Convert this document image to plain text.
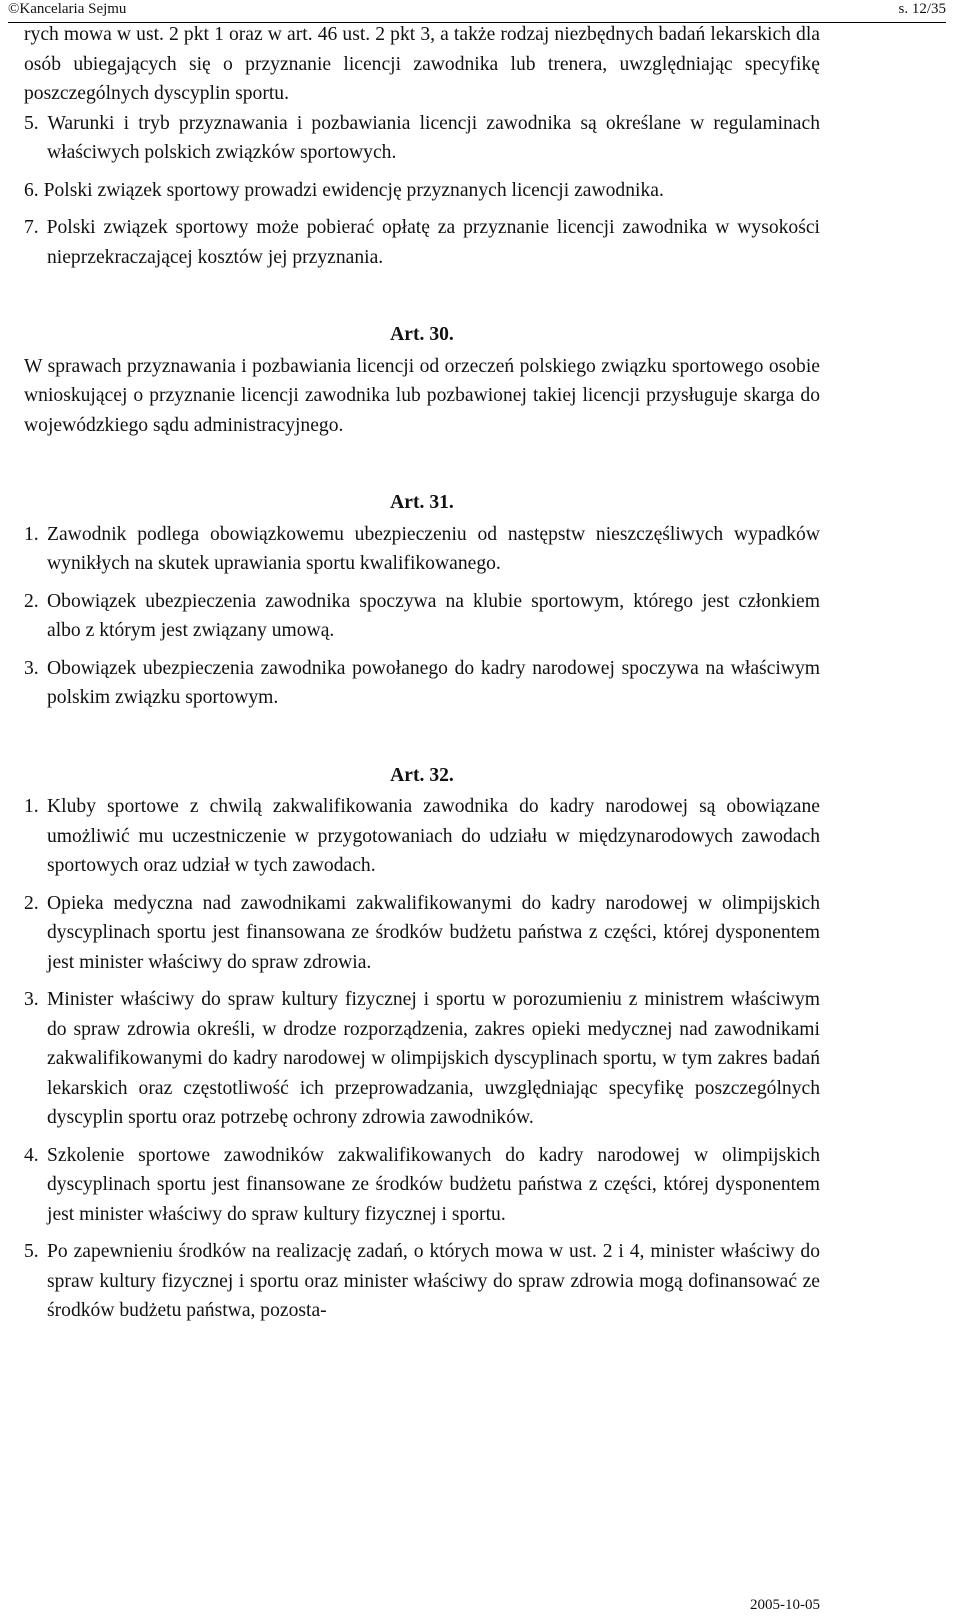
©Kancelaria Sejmu	s. 12/35

rych mowa w ust. 2 pkt 1 oraz w art. 46 ust. 2 pkt 3, a także rodzaj niezbędnych badań lekarskich dla osób ubiegających się o przyznanie licencji zawodnika lub trenera, uwzględniając specyfikę poszczególnych dyscyplin sportu.

5. Warunki i tryb przyznawania i pozbawiania licencji zawodnika są określane w regulaminach właściwych polskich związków sportowych.

6. Polski związek sportowy prowadzi ewidencję przyznanych licencji zawodnika.

7. Polski związek sportowy może pobierać opłatę za przyznanie licencji zawodnika w wysokości nieprzekraczającej kosztów jej przyznania.

Art. 30.

W sprawach przyznawania i pozbawiania licencji od orzeczeń polskiego związku sportowego osobie wnioskującej o przyznanie licencji zawodnika lub pozbawionej takiej licencji przysługuje skarga do wojewódzkiego sądu administracyjnego.

Art. 31.

1. Zawodnik podlega obowiązkowemu ubezpieczeniu od następstw nieszczęśliwych wypadków wynikłych na skutek uprawiania sportu kwalifikowanego.
2. Obowiązek ubezpieczenia zawodnika spoczywa na klubie sportowym, którego jest członkiem albo z którym jest związany umową.
3. Obowiązek ubezpieczenia zawodnika powołanego do kadry narodowej spoczywa na właściwym polskim związku sportowym.

Art. 32.

1. Kluby sportowe z chwilą zakwalifikowania zawodnika do kadry narodowej są obowiązane umożliwić mu uczestniczenie w przygotowaniach do udziału w międzynarodowych zawodach sportowych oraz udział w tych zawodach.
2. Opieka medyczna nad zawodnikami zakwalifikowanymi do kadry narodowej w olimpijskich dyscyplinach sportu jest finansowana ze środków budżetu państwa z części, której dysponentem jest minister właściwy do spraw zdrowia.
3. Minister właściwy do spraw kultury fizycznej i sportu w porozumieniu z ministrem właściwym do spraw zdrowia określi, w drodze rozporządzenia, zakres opieki medycznej nad zawodnikami zakwalifikowanymi do kadry narodowej w olimpijskich dyscyplinach sportu, w tym zakres badań lekarskich oraz częstotliwość ich przeprowadzania, uwzględniając specyfikę poszczególnych dyscyplin sportu oraz potrzebę ochrony zdrowia zawodników.
4. Szkolenie sportowe zawodników zakwalifikowanych do kadry narodowej w olimpijskich dyscyplinach sportu jest finansowane ze środków budżetu państwa z części, której dysponentem jest minister właściwy do spraw kultury fizycznej i sportu.
5. Po zapewnieniu środków na realizację zadań, o których mowa w ust. 2 i 4, minister właściwy do spraw kultury fizycznej i sportu oraz minister właściwy do spraw zdrowia mogą dofinansować ze środków budżetu państwa, pozosta-
2005-10-05
